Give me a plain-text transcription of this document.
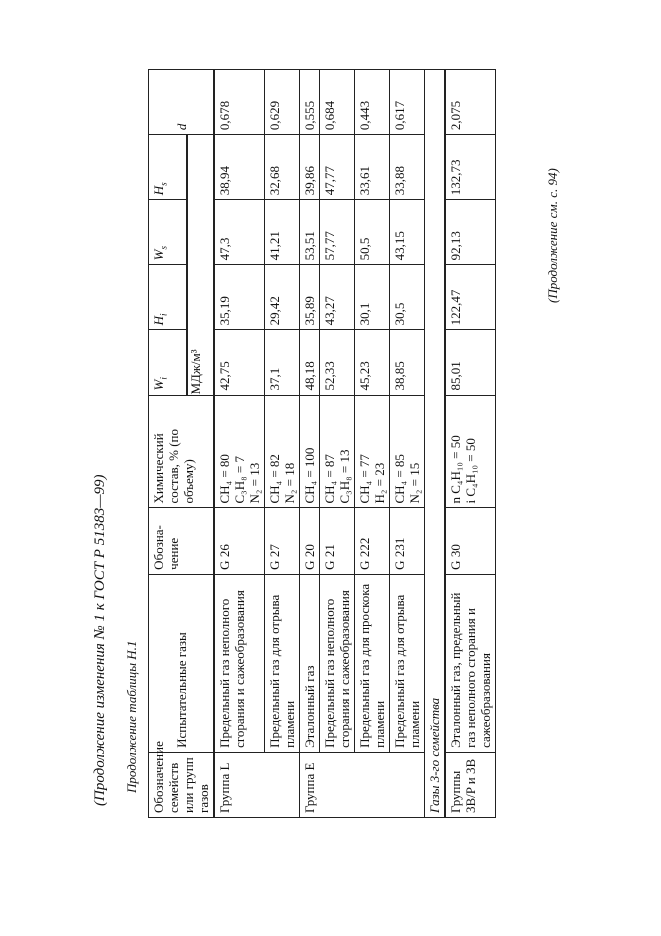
(Продолжение изменения № 1 к ГОСТ Р 51383—99) Продолжение таблицы Н.1 Обозначение семейств или групп газов	Испытательные газы	Обозна-чение	Химический состав, % (по объему)	$W_i$	$H_i$	$W_s$	$H_s$	d
				МДж/м³				
Группа L	Предельный газ неполного сгорания и сажеобразования	G 26	CH₄ = 80 C₃H₈ = 7 N₂ = 13	42,75	35,19	47,3	38,94	0,678
	Предельный газ для отрыва пламени	G 27	CH₄ = 82 N₂ = 18	37,1	29,42	41,21	32,68	0,629
Группа E	Эталонный газ	G 20	CH₄ = 100	48,18	35,89	53,51	39,86	0,555
	Предельный газ неполного сгорания и сажеобразования	G 21	CH₄ = 87 C₃H₈ = 13	52,33	43,27	57,77	47,77	0,684
	Предельный газ для проскока пламени	G 222	CH₄ = 77 H₂ = 23	45,23	30,1	50,5	33,61	0,443
	Предельный газ для отрыва пламени	G 231	CH₄ = 85 N₂ = 15	38,85	30,5	43,15	33,88	0,617
Газы 3-го семейства								
Группы 3B/P и 3B	Эталонный газ, предельный газ неполного сгорания и сажеобразования	G 30	n C₄H₁₀ = 50 i C₄H₁₀ = 50	85,01	122,47	92,13	132,73	2,075
(Продолжение см. с. 94)
